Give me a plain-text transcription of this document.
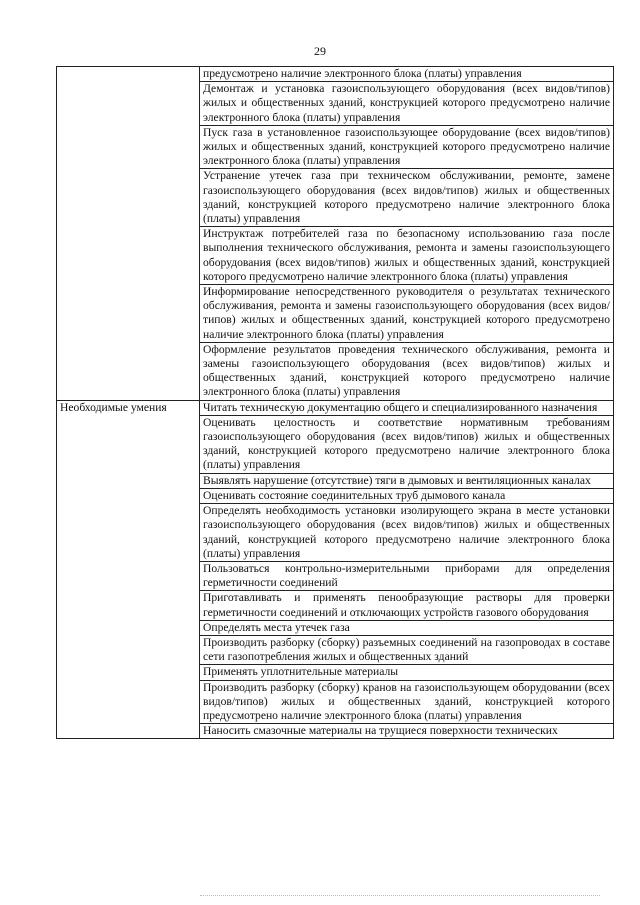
29
	предусмотрено наличие электронного блока (платы) управления
	Демонтаж и установка газоиспользующего оборудования (всех видов/типов) жилых и общественных зданий, конструкцией которого предусмотрено наличие электронного блока (платы) управления
	Пуск газа в установленное газоиспользующее оборудование (всех видов/типов) жилых и общественных зданий, конструкцией которого предусмотрено наличие электронного блока (платы) управления
	Устранение утечек газа при техническом обслуживании, ремонте, замене газоиспользующего оборудования (всех видов/типов) жилых и общественных зданий, конструкцией которого предусмотрено наличие электронного блока (платы) управления
	Инструктаж потребителей газа по безопасному использованию газа после выполнения технического обслуживания, ремонта и замены газоиспользующего оборудования (всех видов/типов) жилых и общественных зданий, конструкцией которого предусмотрено наличие электронного блока (платы) управления
	Информирование непосредственного руководителя о результатах технического обслуживания, ремонта и замены газоиспользующего оборудования (всех видов/типов) жилых и общественных зданий, конструкцией которого предусмотрено наличие электронного блока (платы) управления
	Оформление результатов проведения технического обслуживания, ремонта и замены газоиспользующего оборудования (всех видов/типов) жилых и общественных зданий, конструкцией которого предусмотрено наличие электронного блока (платы) управления
Необходимые умения	Читать техническую документацию общего и специализированного назначения
	Оценивать целостность и соответствие нормативным требованиям газоиспользующего оборудования (всех видов/типов) жилых и общественных зданий, конструкцией которого предусмотрено наличие электронного блока (платы) управления
	Выявлять нарушение (отсутствие) тяги в дымовых и вентиляционных каналах
	Оценивать состояние соединительных труб дымового канала
	Определять необходимость установки изолирующего экрана в месте установки газоиспользующего оборудования (всех видов/типов) жилых и общественных зданий, конструкцией которого предусмотрено наличие электронного блока (платы) управления
	Пользоваться контрольно-измерительными приборами для определения герметичности соединений
	Приготавливать и применять пенообразующие растворы для проверки герметичности соединений и отключающих устройств газового оборудования
	Определять места утечек газа
	Производить разборку (сборку) разъемных соединений на газопроводах в составе сети газопотребления жилых и общественных зданий
	Применять уплотнительные материалы
	Производить разборку (сборку) кранов на газоиспользующем оборудовании (всех видов/типов) жилых и общественных зданий, конструкцией которого предусмотрено наличие электронного блока (платы) управления
	Наносить смазочные материалы на трущиеся поверхности технических
